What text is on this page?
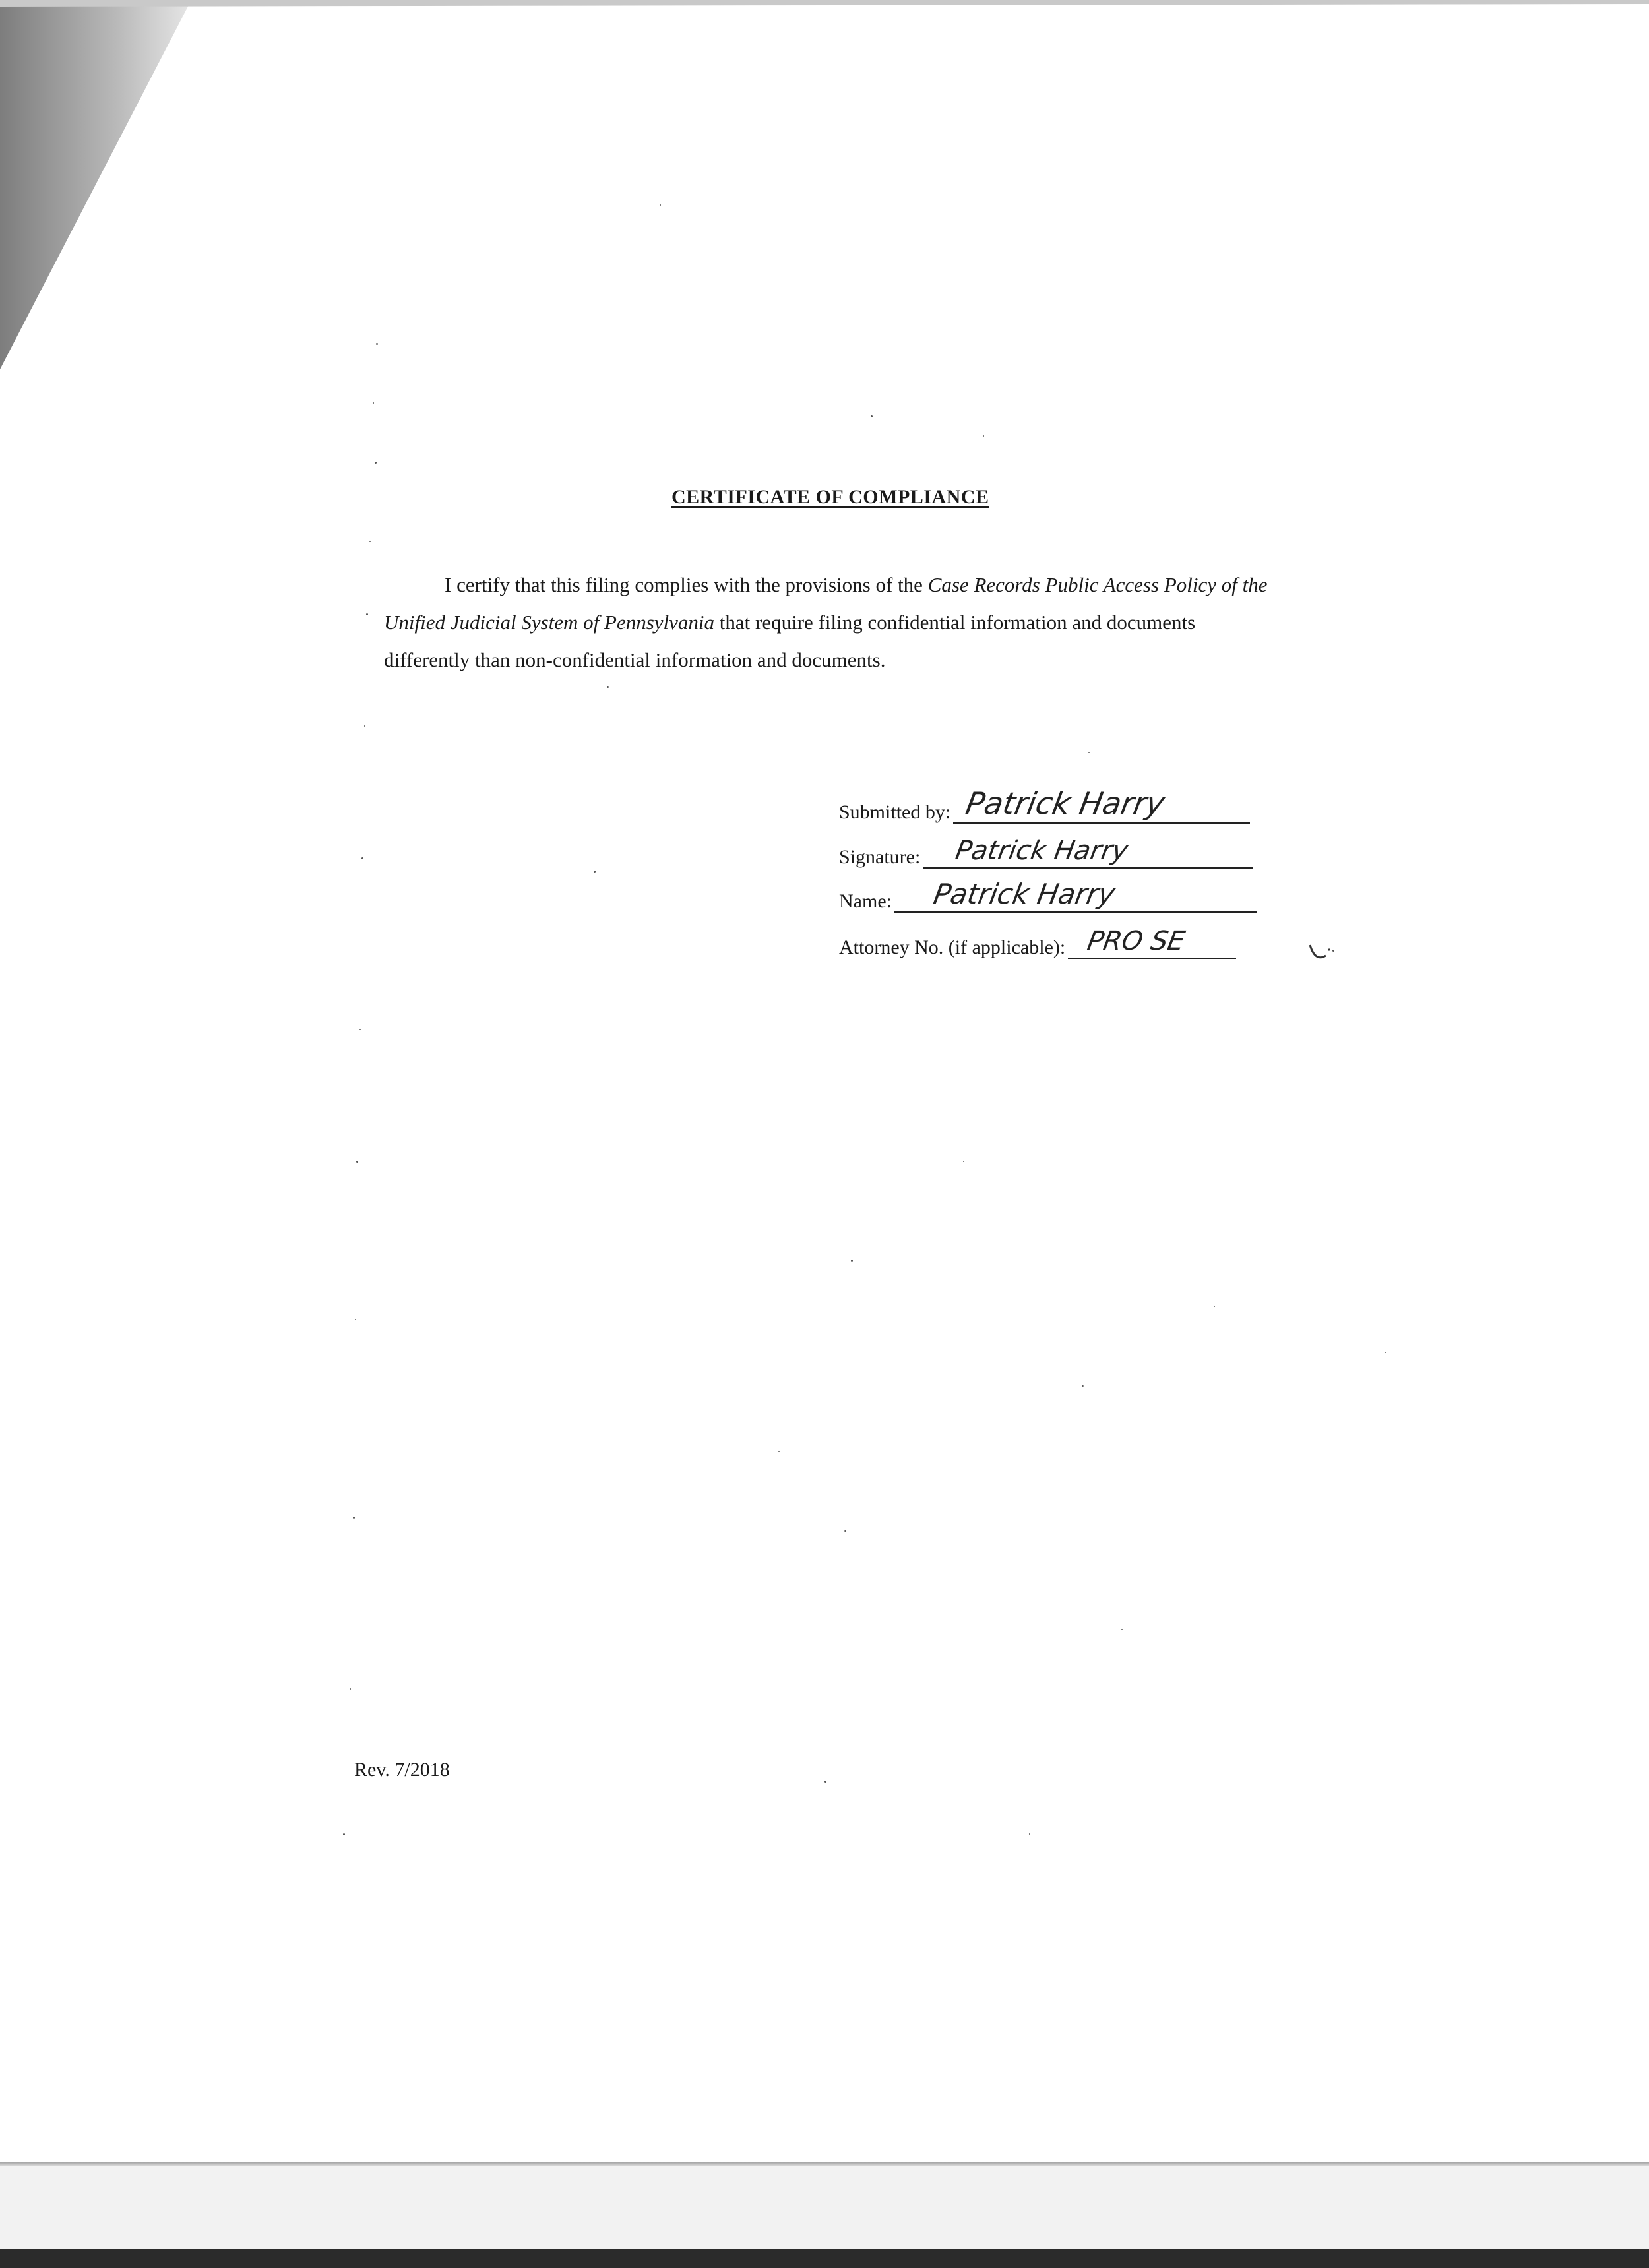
CERTIFICATE OF COMPLIANCE

I certify that this filing complies with the provisions of the Case Records Public Access Policy of the Unified Judicial System of Pennsylvania that require filing confidential information and documents differently than non-confidential information and documents.

Submitted by: Patrick Harry
Signature: Patrick Harry
Name: Patrick Harry
Attorney No. (if applicable): PRO SE
Rev. 7/2018
